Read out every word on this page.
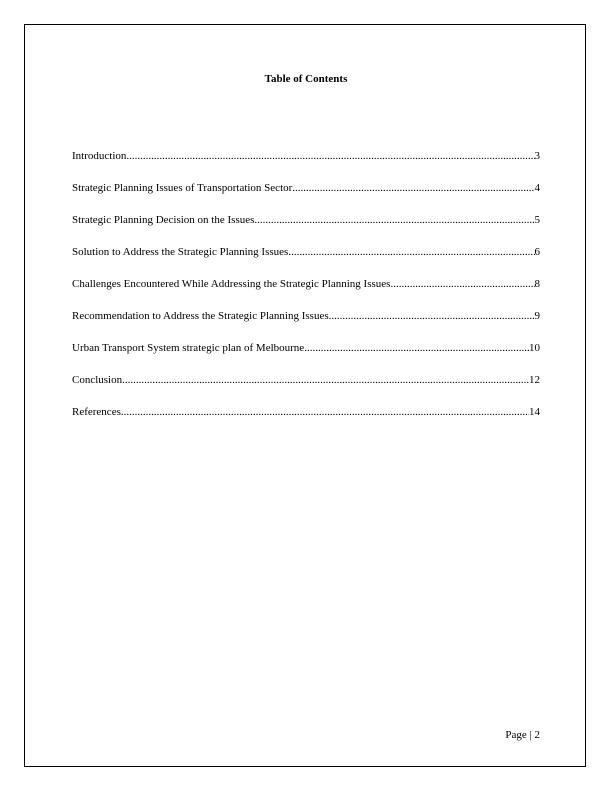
Table of Contents
Introduction .....	3
Strategic Planning Issues of Transportation Sector .....	4
Strategic Planning Decision on the Issues .....	5
Solution to Address the Strategic Planning Issues .....	6
Challenges Encountered While Addressing the Strategic Planning Issues .....	8
Recommendation to Address the Strategic Planning Issues .....	9
Urban Transport System strategic plan of Melbourne .....	10
Conclusion .....	12
References .....	14
Page | 2
